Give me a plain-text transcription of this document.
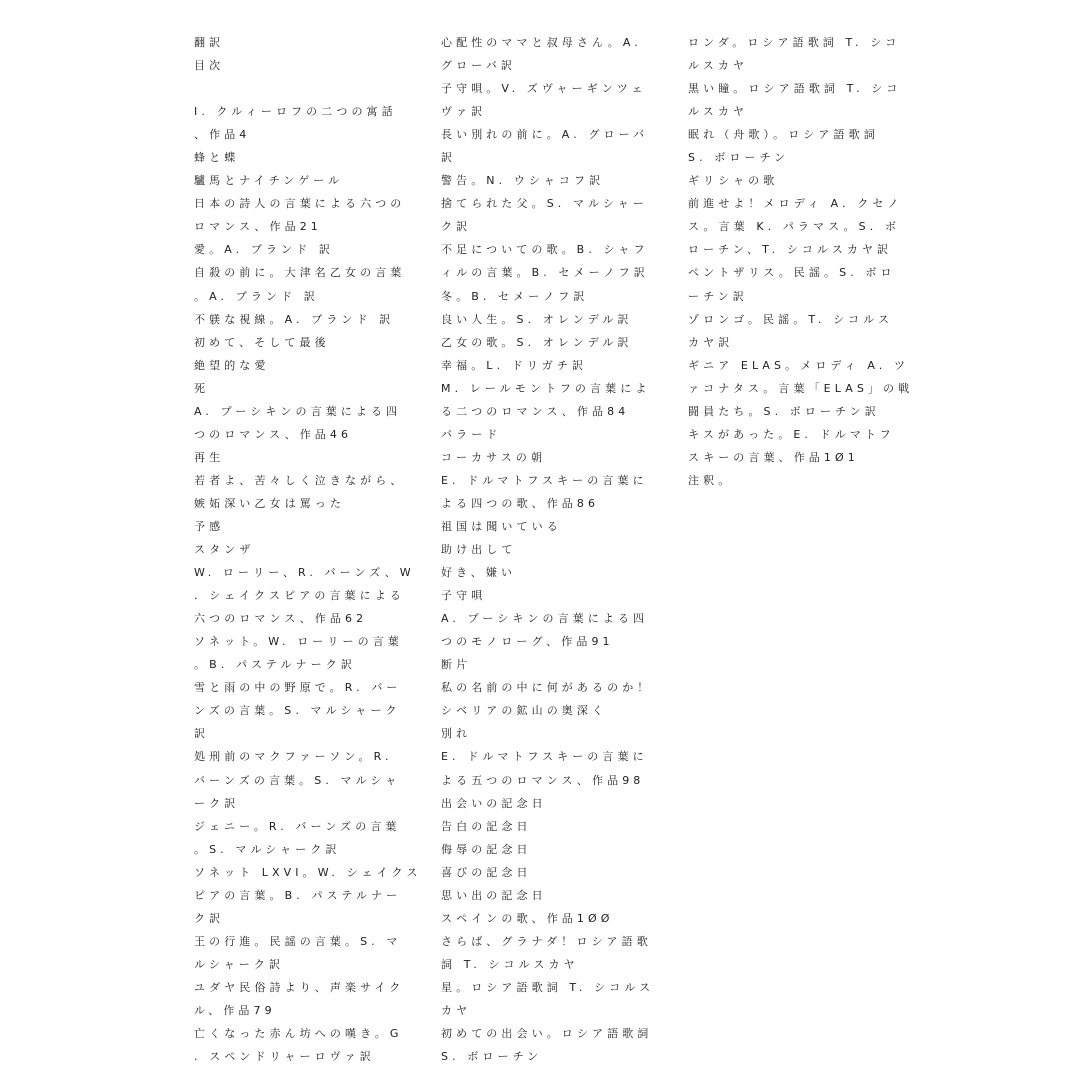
翻訳
目次
I. クルィーロフの二つの寓話
、作品4
蜂と蝶
驢馬とナイチンゲール
日本の詩人の言葉による六つの
ロマンス、作品21
愛。A. ブランド 訳
自殺の前に。大津名乙女の言葉
。A. ブランド 訳
不躾な視線。A. ブランド 訳
初めて、そして最後
絶望的な愛
死
A. プーシキンの言葉による四
つのロマンス、作品46
再生
若者よ、苦々しく泣きながら、
嫉妬深い乙女は罵った
予感
スタンザ
W. ローリー、R. バーンズ、W
. シェイクスピアの言葉による
六つのロマンス、作品62
ソネット。W. ローリーの言葉
。B. パステルナーク訳
雪と雨の中の野原で。R. バー
ンズの言葉。S. マルシャーク
訳
処刑前のマクファーソン。R.
バーンズの言葉。S. マルシャ
ーク訳
ジェニー。R. バーンズの言葉
。S. マルシャーク訳
ソネット LXVI。W. シェイクス
ピアの言葉。B. パステルナー
ク訳
王の行進。民謡の言葉。S. マ
ルシャーク訳
ユダヤ民俗詩より、声楽サイク
ル、作品79
亡くなった赤ん坊への嘆き。G
. スペンドリャーロヴァ訳
心配性のママと叔母さん。A.
グローバ訳
子守唄。V. ズヴャーギンツェ
ヴァ訳
長い別れの前に。A. グローバ
訳
警告。N. ウシャコフ訳
捨てられた父。S. マルシャー
ク訳
不足についての歌。B. シャフ
ィルの言葉。B. セメーノフ訳
冬。B. セメーノフ訳
良い人生。S. オレンデル訳
乙女の歌。S. オレンデル訳
幸福。L. ドリガチ訳
M. レールモントフの言葉によ
る二つのロマンス、作品84
バラード
コーカサスの朝
E. ドルマトフスキーの言葉に
よる四つの歌、作品86
祖国は聞いている
助け出して
好き、嫌い
子守唄
A. プーシキンの言葉による四
つのモノローグ、作品91
断片
私の名前の中に何があるのか！
シベリアの鉱山の奥深く
別れ
E. ドルマトフスキーの言葉に
よる五つのロマンス、作品98
出会いの記念日
告白の記念日
侮辱の記念日
喜びの記念日
思い出の記念日
スペインの歌、作品1ØØ
さらば、グラナダ！ロシア語歌
詞 T. シコルスカヤ
星。ロシア語歌詞 T. シコルス
カヤ
初めての出会い。ロシア語歌詞
S. ボローチン
ロンダ。ロシア語歌詞 T. シコ
ルスカヤ
黒い瞳。ロシア語歌詞 T. シコ
ルスカヤ
眠れ（舟歌）。ロシア語歌詞
S. ボローチン
ギリシャの歌
前進せよ！メロディ A. クセノ
ス。言葉 K. パラマス。S. ボ
ローチン、T. シコルスカヤ訳
ペントザリス。民謡。S. ボロ
ーチン訳
ゾロンゴ。民謡。T. シコルス
カヤ訳
ギニア ELAS。メロディ A. ツ
ァコナタス。言葉「ELAS」の戦
闘員たち。S. ボローチン訳
キスがあった。E. ドルマトフ
スキーの言葉、作品1Ø1
注釈。
